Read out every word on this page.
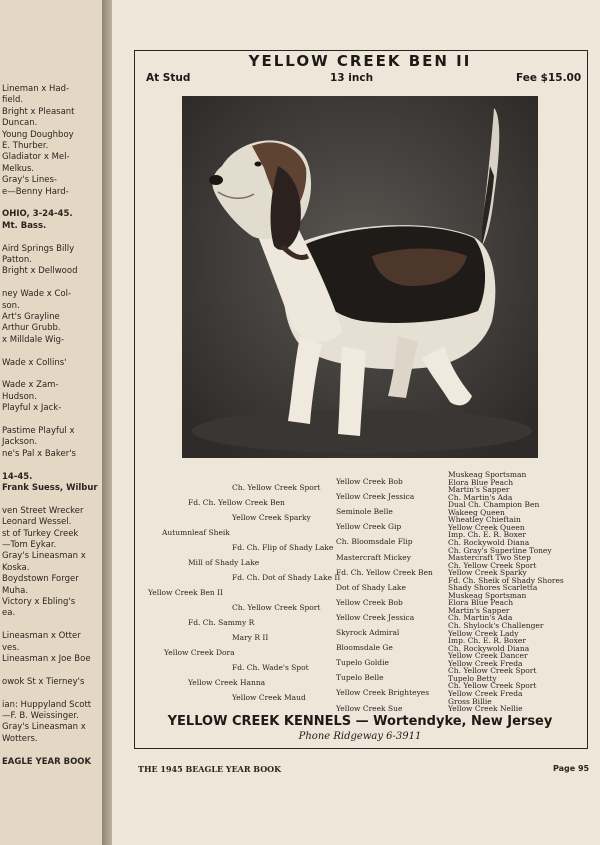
Lineman x Had-
field.
Bright x Pleasant
Duncan.
Young Doughboy
E. Thurber.
Gladiator x Mel-
Melkus.
Gray's Lines-
e—Benny Hard-
OHIO, 3-24-45.
Mt. Bass.
Aird Springs Billy
Patton.
Bright x Dellwood
ney Wade x Col-
son.
Art's Grayline
Arthur Grubb.
x Milldale Wig-
Wade x Collins'
Wade x Zam-
Hudson.
Playful x Jack-
Pastime Playful x
Jackson.
ne's Pal x Baker's
14-45.
Frank Suess, Wilbur
ven Street Wrecker
Leonard Wessel.
st of Turkey Creek
—Tom Eykar.
Gray's Lineasman x
Koska.
Boydstown Forger
Muha.
Victory x Ebling's
ea.
Lineasman x Otter
ves.
Lineasman x Joe Boe
owok St x Tierney's
ian: Huppyland Scott
—F. B. Weissinger.
Gray's Lineasman x
Wotters.
EAGLE YEAR BOOK
YELLOW CREEK BEN II
At Stud	13 inch	Fee $15.00
Yellow Creek Ben II
Yellow Creek Dora
Autumnleaf Sheik
Mill of Shady Lake
Fd. Ch. Sammy R
Yellow Creek Hanna
Ch. Yellow Creek Sport
Fd. Ch. Yellow Creek Ben
Yellow Creek Sparky
Fd. Ch. Flip of Shady Lake
Fd. Ch. Dot of Shady Lake II
Ch. Yellow Creek Sport
Mary R II
Fd. Ch. Wade's Spot
Yellow Creek Maud
Yellow Creek Bob
Yellow Creek Jessica
Seminole Belle
Yellow Creek Gip
Ch. Bloomsdale Flip
Mastercraft Mickey
Fd. Ch. Yellow Creek Ben
Dot of Shady Lake
Yellow Creek Bob
Yellow Creek Jessica
Skyrock Admiral
Bloomsdale Ge
Tupelo Goldie
Tupelo Belle
Yellow Creek Brighteyes
Yellow Creek Sue
Muskeag Sportsman
Elora Blue Peach
Martin's Sapper
Ch. Martin's Ada
Dual Ch. Champion Ben
Wakeeg Queen
Wheatley Chieftain
Yellow Creek Queen
Imp. Ch. E. R. Boxer
Ch. Rockywold Diana
Ch. Gray's Superline Toney
Mastercraft Two Step
Ch. Yellow Creek Sport
Yellow Creek Sparky
Fd. Ch. Sheik of Shady Shores
Shady Shores Scarletta
Muskeag Sportsman
Elora Blue Peach
Martin's Sapper
Ch. Martin's Ada
Ch. Shylock's Challenger
Yellow Creek Lady
Imp. Ch. E. R. Boxer
Ch. Rockywold Diana
Yellow Creek Dancer
Yellow Creek Freda
Ch. Yellow Creek Sport
Tupelo Betty
Ch. Yellow Creek Sport
Yellow Creek Freda
Gross Billie
Yellow Creek Nellie
YELLOW CREEK KENNELS — Wortendyke, New Jersey
Phone Ridgeway 6-3911
THE 1945 BEAGLE YEAR BOOK	Page 95
